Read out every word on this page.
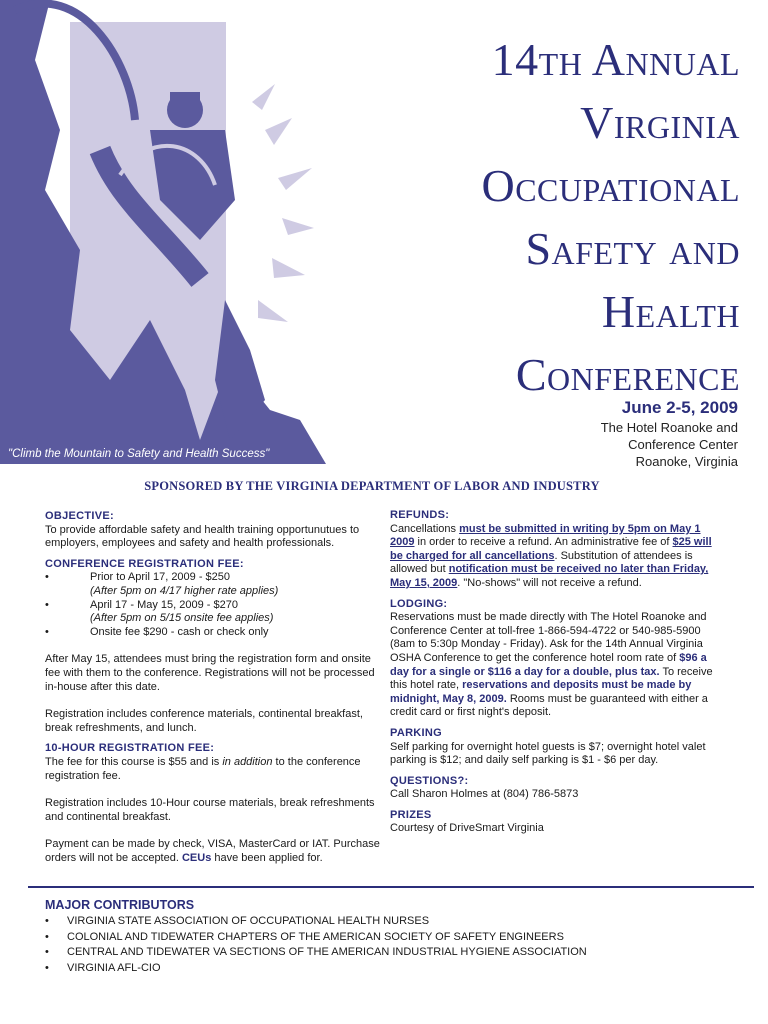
"Climb the Mountain to Safety and Health Success"
14th Annual
Virginia
Occupational
Safety and
Health
Conference
June 2-5, 2009
The Hotel Roanoke and
Conference Center
Roanoke, Virginia
SPONSORED BY THE VIRGINIA DEPARTMENT OF LABOR AND INDUSTRY

OBJECTIVE:

To provide affordable safety and health training opportunutues to employers, employees and safety and health professionals.

CONFERENCE REGISTRATION FEE:

•	Prior to April 17, 2009 - $250
(After 5pm on 4/17 higher rate applies)
•	April 17 - May 15, 2009 - $270
(After 5pm on 5/15 onsite fee applies)
•	Onsite fee $290 - cash or check only

After May 15, attendees must bring the registration form and onsite fee with them to the conference. Registrations will not be processed in-house after this date.

Registration includes conference materials, continental breakfast, break refreshments, and lunch.

10-HOUR REGISTRATION FEE:

The fee for this course is $55 and is in addition to the conference registration fee.

Registration includes 10-Hour course materials, break refreshments and continental breakfast.

Payment can be made by check, VISA, MasterCard or IAT. Purchase orders will not be accepted. CEUs have been applied for.

REFUNDS:

Cancellations must be submitted in writing by 5pm on May 1 2009 in order to receive a refund. An administrative fee of $25 will be charged for all cancellations. Substitution of attendees is allowed but notification must be received no later than Friday, May 15, 2009. "No-shows" will not receive a refund.

LODGING:

Reservations must be made directly with The Hotel Roanoke and Conference Center at toll-free 1-866-594-4722 or 540-985-5900 (8am to 5:30p Monday - Friday). Ask for the 14th Annual Virginia OSHA Conference to get the conference hotel room rate of $96 a day for a single or $116 a day for a double, plus tax. To receive this hotel rate, reservations and deposits must be made by midnight, May 8, 2009. Rooms must be guaranteed with either a credit card or first night's deposit.

PARKING

Self parking for overnight hotel guests is $7; overnight hotel valet parking is $12; and daily self parking is $1 - $6 per day.

QUESTIONS?:

Call Sharon Holmes at (804) 786-5873

PRIZES

Courtesy of DriveSmart Virginia

MAJOR CONTRIBUTORS
•	VIRGINIA STATE ASSOCIATION OF OCCUPATIONAL HEALTH NURSES
•	COLONIAL AND TIDEWATER CHAPTERS OF THE AMERICAN SOCIETY OF SAFETY ENGINEERS
•	CENTRAL AND TIDEWATER VA SECTIONS OF THE AMERICAN INDUSTRIAL HYGIENE ASSOCIATION
•	VIRGINIA AFL-CIO
